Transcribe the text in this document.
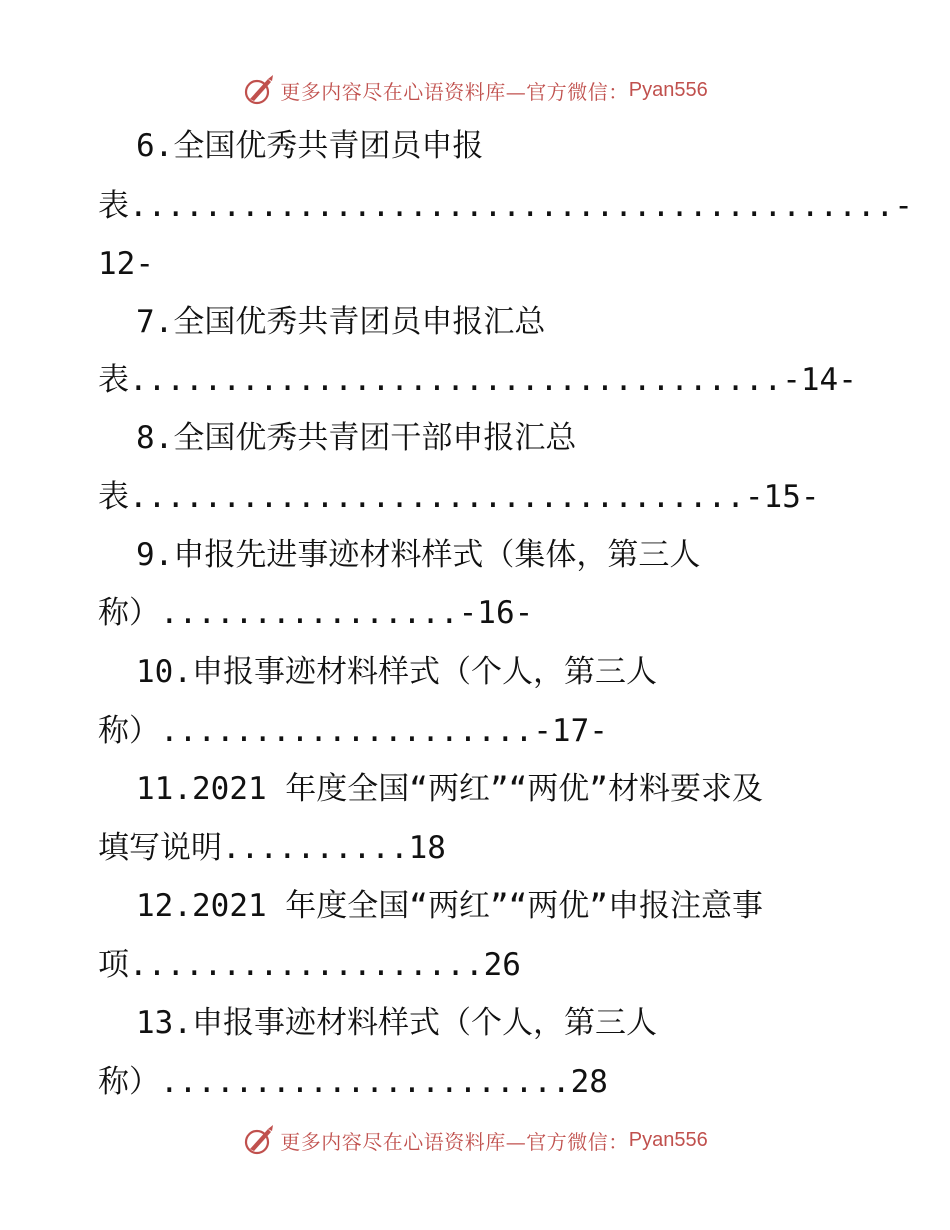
更多内容尽在心语资料库—官方微信： Pyan556
6.全国优秀共青团员申报
表.........................................-
12-
7.全国优秀共青团员申报汇总
表...................................-14-
8.全国优秀共青团干部申报汇总
表.................................-15-
9.申报先进事迹材料样式（集体，第三人
称）................-16-
10.申报事迹材料样式（个人，第三人
称）....................-17-
11.2021 年度全国“两红”“两优”材料要求及
填写说明..........18
12.2021 年度全国“两红”“两优”申报注意事
项...................26
13.申报事迹材料样式（个人，第三人
称）......................28
更多内容尽在心语资料库—官方微信： Pyan556
